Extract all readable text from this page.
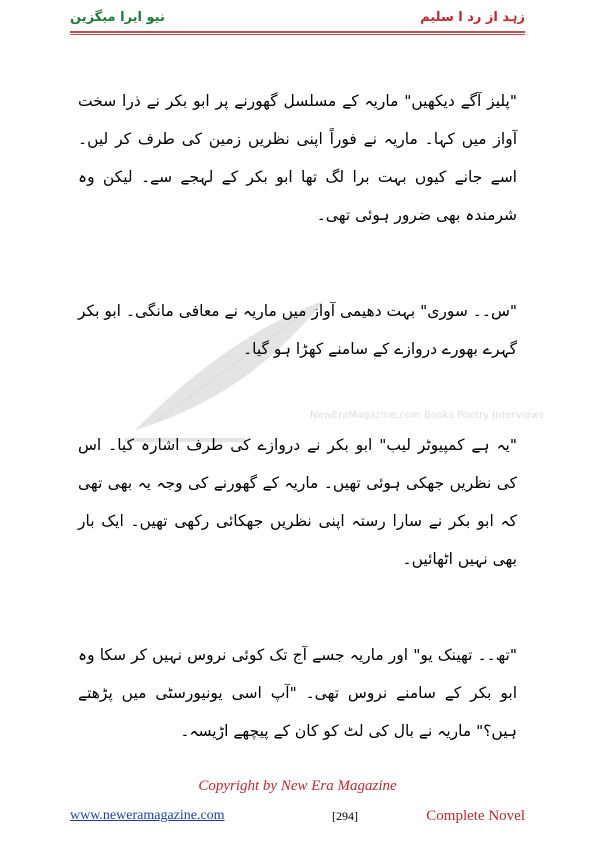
نیو ایرا میگزین	زہد از رد ا سلیم
NewEraMagazine.com Books Poetry Interviews

"پلیز آگے دیکھیں" ماریہ کے مسلسل گھورنے پر ابو بکر نے ذرا سخت آواز میں کہا۔ ماریہ نے فوراً اپنی نظریں زمین کی طرف کر لیں۔ اسے جانے کیوں بہت برا لگ تھا ابو بکر کے لہجے سے۔ لیکن وہ شرمندہ بھی ضرور ہوئی تھی۔

"س۔۔ سوری" بہت دھیمی آواز میں ماریہ نے معافی مانگی۔ ابو بکر گہرے بھورے دروازے کے سامنے کھڑا ہو گیا۔

"یہ ہے کمپیوٹر لیب" ابو بکر نے دروازے کی طرف اشارہ کیا۔ اس کی نظریں جھکی ہوئی تھیں۔ ماریہ کے گھورنے کی وجہ یہ بھی تھی کہ ابو بکر نے سارا رستہ اپنی نظریں جھکائی رکھی تھیں۔ ایک بار بھی نہیں اٹھائیں۔

"تھ۔۔ تھینک یو" اور ماریہ جسے آج تک کوئی نروس نہیں کر سکا وہ ابو بکر کے سامنے نروس تھی۔ "آپ اسی یونیورسٹی میں پڑھتے ہیں؟" ماریہ نے بال کی لٹ کو کان کے پیچھے اڑیسہ۔

Copyright by New Era Magazine
www.neweramagazine.com	[294]	Complete Novel
